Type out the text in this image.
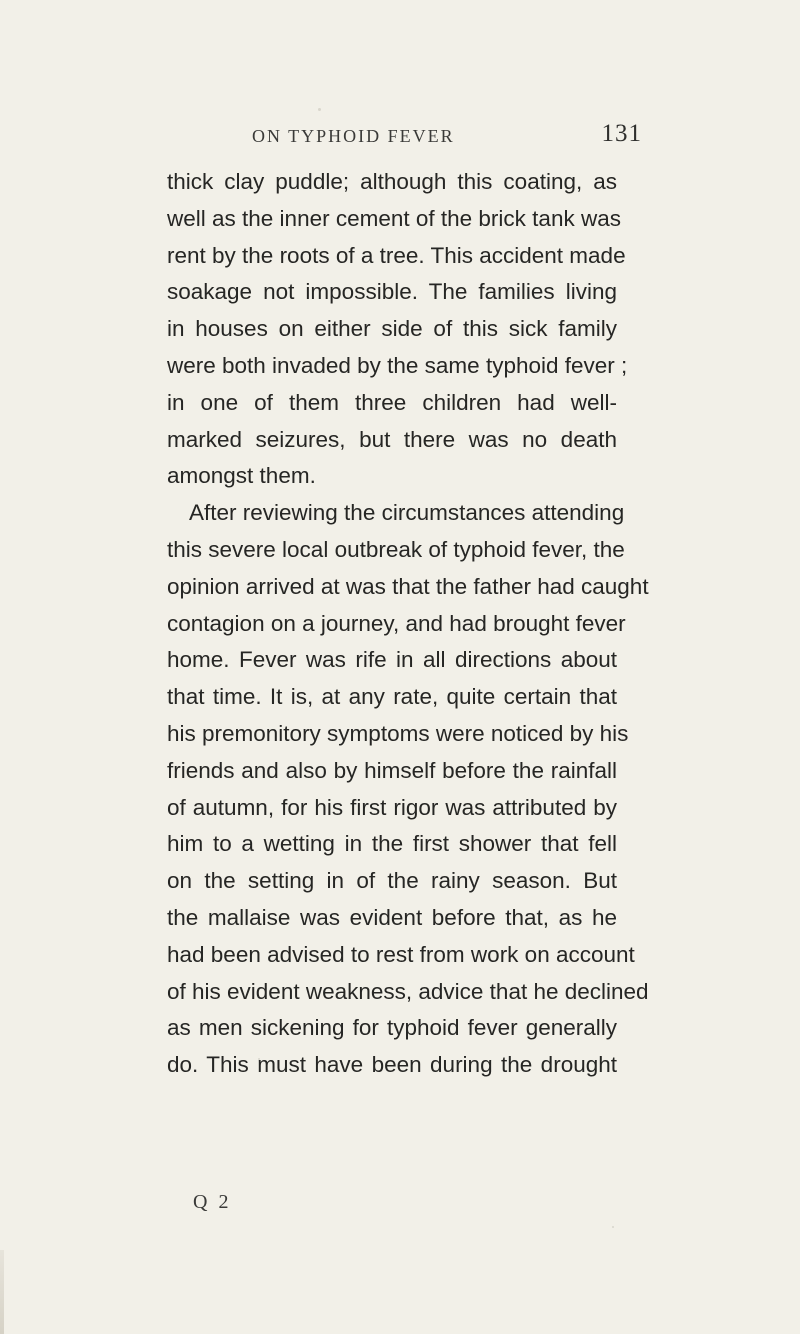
ON TYPHOID FEVER	131
thick clay puddle; although this coating, as
well as the inner cement of the brick tank was
rent by the roots of a tree. This accident made
soakage not impossible. The families living
in houses on either side of this sick family
were both invaded by the same typhoid fever ;
in one of them three children had well-
marked seizures, but there was no death
amongst them.
After reviewing the circumstances attending
this severe local outbreak of typhoid fever, the
opinion arrived at was that the father had caught
contagion on a journey, and had brought fever
home. Fever was rife in all directions about
that time. It is, at any rate, quite certain that
his premonitory symptoms were noticed by his
friends and also by himself before the rainfall
of autumn, for his first rigor was attributed by
him to a wetting in the first shower that fell
on the setting in of the rainy season. But
the mallaise was evident before that, as he
had been advised to rest from work on account
of his evident weakness, advice that he declined
as men sickening for typhoid fever generally
do. This must have been during the drought
Q 2
